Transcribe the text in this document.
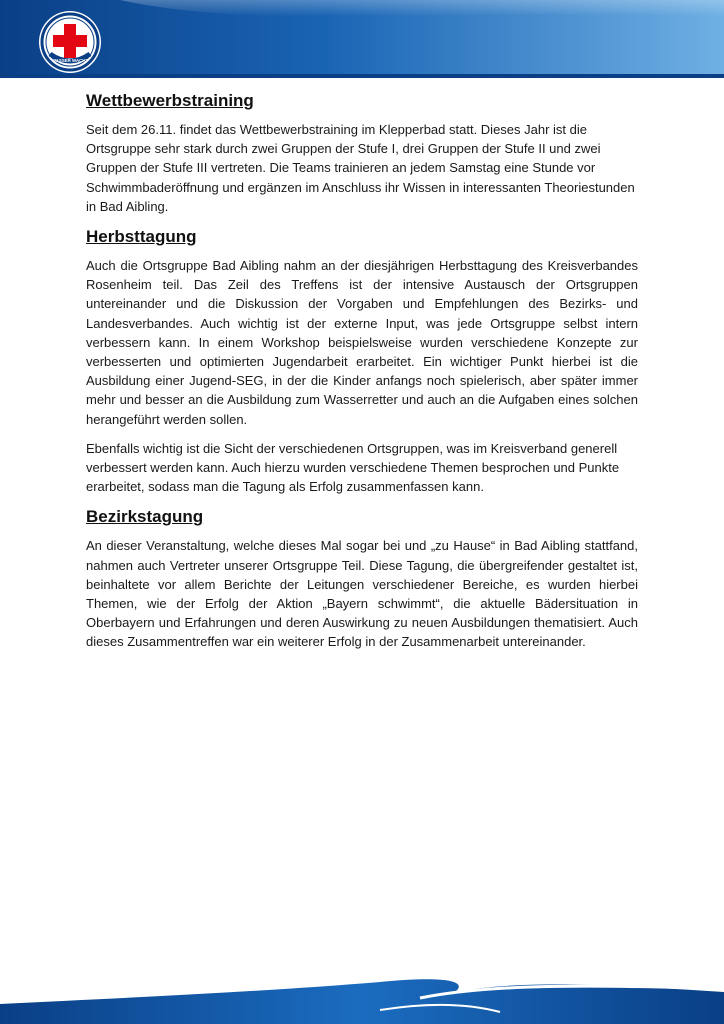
WASSER WACHT
Wettbewerbstraining

Seit dem 26.11. findet das Wettbewerbstraining im Klepperbad statt. Dieses Jahr ist die Ortsgruppe sehr stark durch zwei Gruppen der Stufe I, drei Gruppen der Stufe II und zwei Gruppen der Stufe III vertreten. Die Teams trainieren an jedem Samstag eine Stunde vor Schwimmbaderöffnung und ergänzen im Anschluss ihr Wissen in interessanten Theoriestunden in Bad Aibling.

Herbsttagung

Auch die Ortsgruppe Bad Aibling nahm an der diesjährigen Herbsttagung des Kreisverbandes Rosenheim teil. Das Zeil des Treffens ist der intensive Austausch der Ortsgruppen untereinander und die Diskussion der Vorgaben und Empfehlungen des Bezirks- und Landesverbandes. Auch wichtig ist der externe Input, was jede Ortsgruppe selbst intern verbessern kann. In einem Workshop beispielsweise wurden verschiedene Konzepte zur verbesserten und optimierten Jugendarbeit erarbeitet. Ein wichtiger Punkt hierbei ist die Ausbildung einer Jugend-SEG, in der die Kinder anfangs noch spielerisch, aber später immer mehr und besser an die Ausbildung zum Wasserretter und auch an die Aufgaben eines solchen herangeführt werden sollen.

Ebenfalls wichtig ist die Sicht der verschiedenen Ortsgruppen, was im Kreisverband generell verbessert werden kann. Auch hierzu wurden verschiedene Themen besprochen und Punkte erarbeitet, sodass man die Tagung als Erfolg zusammenfassen kann.

Bezirkstagung

An dieser Veranstaltung, welche dieses Mal sogar bei und „zu Hause“ in Bad Aibling stattfand, nahmen auch Vertreter unserer Ortsgruppe Teil. Diese Tagung, die übergreifender gestaltet ist, beinhaltete vor allem Berichte der Leitungen verschiedener Bereiche, es wurden hierbei Themen, wie der Erfolg der Aktion „Bayern schwimmt“, die aktuelle Bädersituation in Oberbayern und Erfahrungen und deren Auswirkung zu neuen Ausbildungen thematisiert. Auch dieses Zusammentreffen war ein weiterer Erfolg in der Zusammenarbeit untereinander.
